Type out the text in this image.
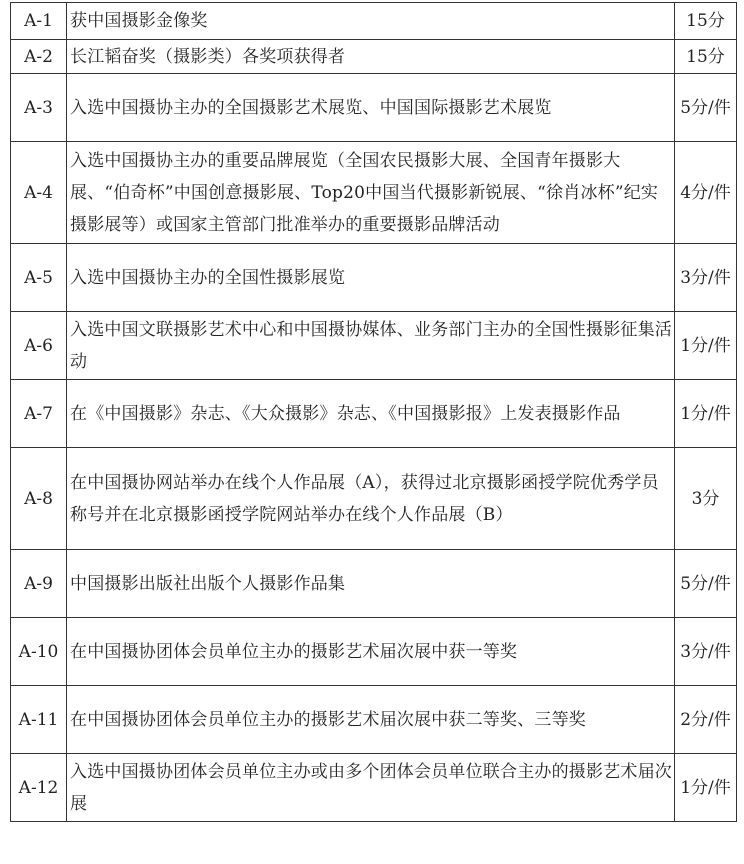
A-1	获中国摄影金像奖	15分
A-2	长江韬奋奖（摄影类）各奖项获得者	15分
A-3	入选中国摄协主办的全国摄影艺术展览、中国国际摄影艺术展览	5分/件
A-4	入选中国摄协主办的重要品牌展览（全国农民摄影大展、全国青年摄影大展、“伯奇杯”中国创意摄影展、Top20中国当代摄影新锐展、“徐肖冰杯”纪实摄影展等）或国家主管部门批准举办的重要摄影品牌活动	4分/件
A-5	入选中国摄协主办的全国性摄影展览	3分/件
A-6	入选中国文联摄影艺术中心和中国摄协媒体、业务部门主办的全国性摄影征集活动	1分/件
A-7	在《中国摄影》杂志、《大众摄影》杂志、《中国摄影报》上发表摄影作品	1分/件
A-8	在中国摄协网站举办在线个人作品展（A），获得过北京摄影函授学院优秀学员称号并在北京摄影函授学院网站举办在线个人作品展（B）	3分
A-9	中国摄影出版社出版个人摄影作品集	5分/件
A-10	在中国摄协团体会员单位主办的摄影艺术届次展中获一等奖	3分/件
A-11	在中国摄协团体会员单位主办的摄影艺术届次展中获二等奖、三等奖	2分/件
A-12	入选中国摄协团体会员单位主办或由多个团体会员单位联合主办的摄影艺术届次展	1分/件
